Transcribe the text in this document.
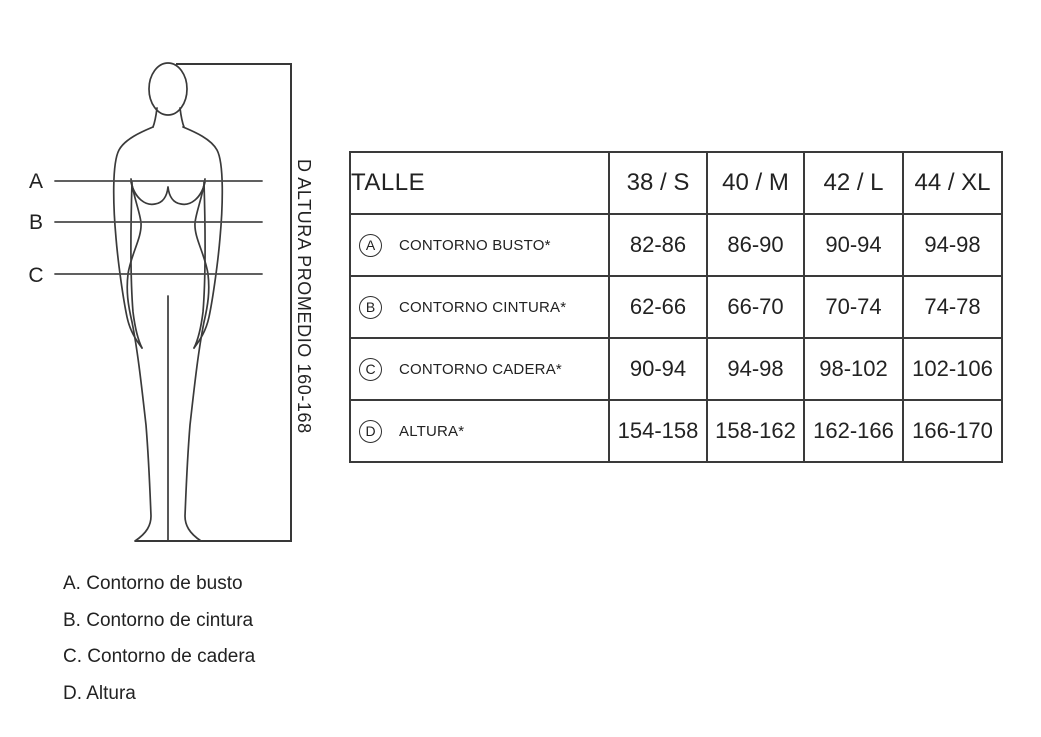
A
B
C	D ALTURA PROMEDIO 160-168
A. Contorno de busto
B. Contorno de cintura
C. Contorno de cadera
D. Altura
TALLE	38 / S	40 / M	42 / L	44 / XL

A CONTORNO BUSTO*	82-86	86-90	90-94	94-98

B CONTORNO CINTURA*	62-66	66-70	70-74	74-78

C CONTORNO CADERA*	90-94	94-98	98-102	102-106

D ALTURA*	154-158	158-162	162-166	166-170
